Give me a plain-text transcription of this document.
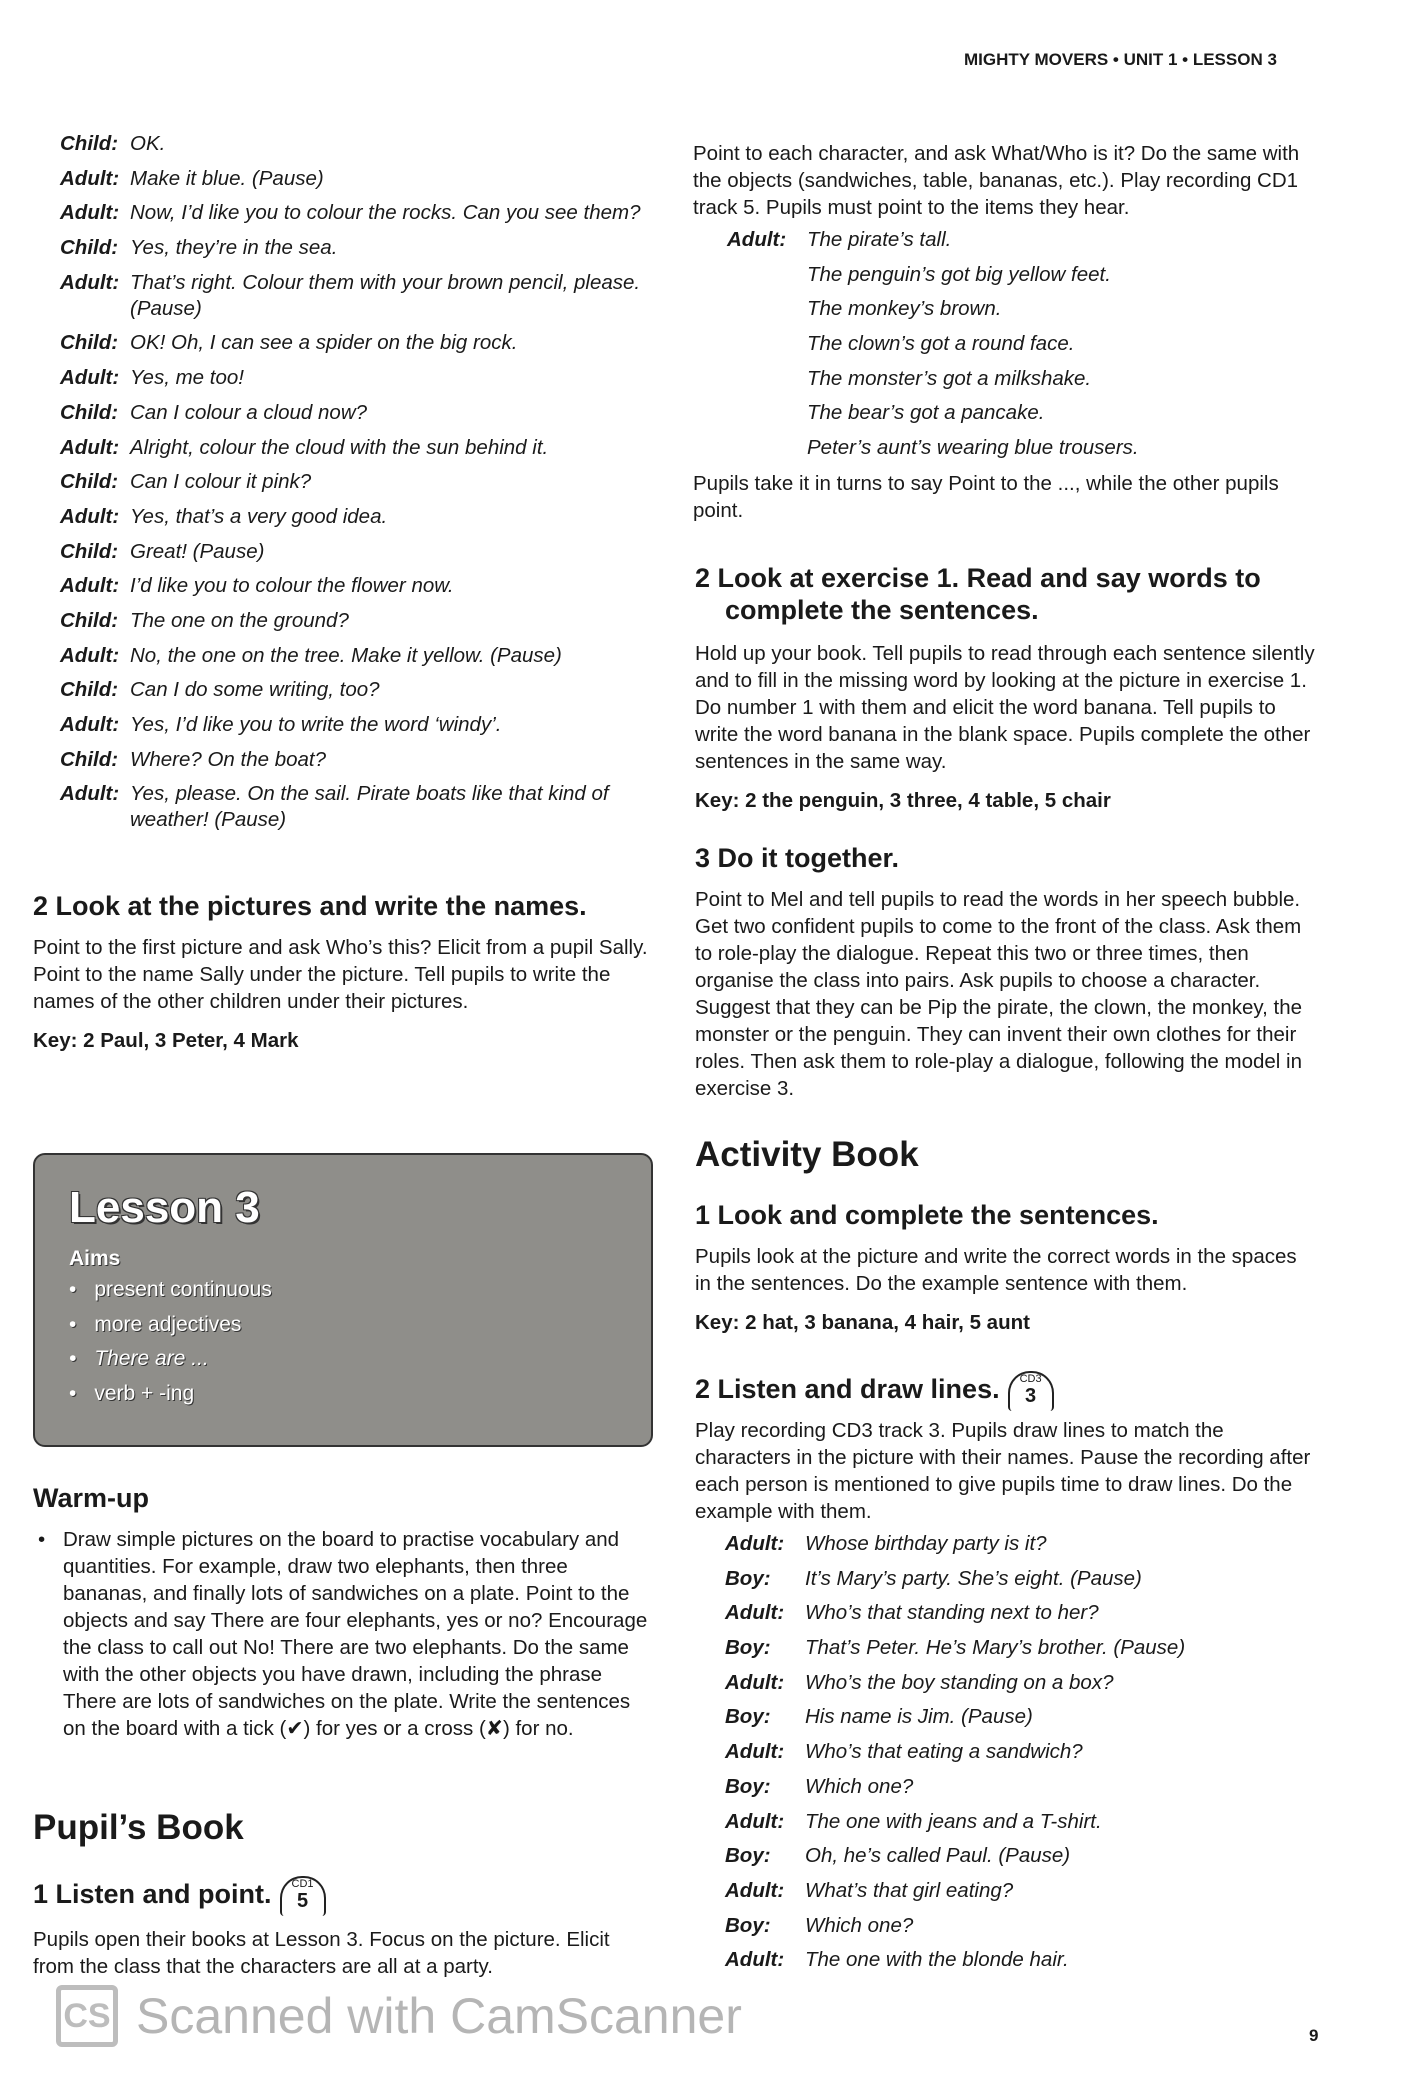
MIGHTY MOVERS • UNIT 1 • LESSON 3
Child: OK.
Adult: Make it blue. (Pause)
Adult: Now, I’d like you to colour the rocks. Can you see them?
Child: Yes, they’re in the sea.
Adult: That’s right. Colour them with your brown pencil, please. (Pause)
Child: OK! Oh, I can see a spider on the big rock.
Adult: Yes, me too!
Child: Can I colour a cloud now?
Adult: Alright, colour the cloud with the sun behind it.
Child: Can I colour it pink?
Adult: Yes, that’s a very good idea.
Child: Great! (Pause)
Adult: I’d like you to colour the flower now.
Child: The one on the ground?
Adult: No, the one on the tree. Make it yellow. (Pause)
Child: Can I do some writing, too?
Adult: Yes, I’d like you to write the word ‘windy’.
Child: Where? On the boat?
Adult: Yes, please. On the sail. Pirate boats like that kind of weather! (Pause)
2 Look at the pictures and write the names.
Point to the first picture and ask Who’s this? Elicit from a pupil Sally. Point to the name Sally under the picture. Tell pupils to write the names of the other children under their pictures.
Key: 2 Paul, 3 Peter, 4 Mark
Lesson 3
Aims
• present continuous
• more adjectives
• There are ...
• verb + -ing
Warm-up
• Draw simple pictures on the board to practise vocabulary and quantities. For example, draw two elephants, then three bananas, and finally lots of sandwiches on a plate. Point to the objects and say There are four elephants, yes or no? Encourage the class to call out No! There are two elephants. Do the same with the other objects you have drawn, including the phrase There are lots of sandwiches on the plate. Write the sentences on the board with a tick (✔) for yes or a cross (✘) for no.
Pupil’s Book
1 Listen and point. CD1
5
Pupils open their books at Lesson 3. Focus on the picture. Elicit from the class that the characters are all at a party.
Point to each character, and ask What/Who is it? Do the same with the objects (sandwiches, table, bananas, etc.). Play recording CD1 track 5. Pupils must point to the items they hear.
Adult:	The pirate’s tall.
The penguin’s got big yellow feet.
The monkey’s brown.
The clown’s got a round face.
The monster’s got a milkshake.
The bear’s got a pancake.
Peter’s aunt’s wearing blue trousers.
Pupils take it in turns to say Point to the ..., while the other pupils point.
2 Look at exercise 1. Read and say words to complete the sentences.
Hold up your book. Tell pupils to read through each sentence silently and to fill in the missing word by looking at the picture in exercise 1. Do number 1 with them and elicit the word banana. Tell pupils to write the word banana in the blank space. Pupils complete the other sentences in the same way.
Key: 2 the penguin, 3 three, 4 table, 5 chair
3 Do it together.
Point to Mel and tell pupils to read the words in her speech bubble. Get two confident pupils to come to the front of the class. Ask them to role-play the dialogue. Repeat this two or three times, then organise the class into pairs. Ask pupils to choose a character. Suggest that they can be Pip the pirate, the clown, the monkey, the monster or the penguin. They can invent their own clothes for their roles. Then ask them to role-play a dialogue, following the model in exercise 3.
Activity Book
1 Look and complete the sentences.
Pupils look at the picture and write the correct words in the spaces in the sentences. Do the example sentence with them.
Key: 2 hat, 3 banana, 4 hair, 5 aunt
2 Listen and draw lines. CD3
3
Play recording CD3 track 3. Pupils draw lines to match the characters in the picture with their names. Pause the recording after each person is mentioned to give pupils time to draw lines. Do the example with them.
Adult:	Whose birthday party is it?
Boy:	It’s Mary’s party. She’s eight. (Pause)
Adult:	Who’s that standing next to her?
Boy:	That’s Peter. He’s Mary’s brother. (Pause)
Adult:	Who’s the boy standing on a box?
Boy:	His name is Jim. (Pause)
Adult:	Who’s that eating a sandwich?
Boy:	Which one?
Adult:	The one with jeans and a T-shirt.
Boy:	Oh, he’s called Paul. (Pause)
Adult:	What’s that girl eating?
Boy:	Which one?
Adult:	The one with the blonde hair.
CS Scanned with CamScanner	9
